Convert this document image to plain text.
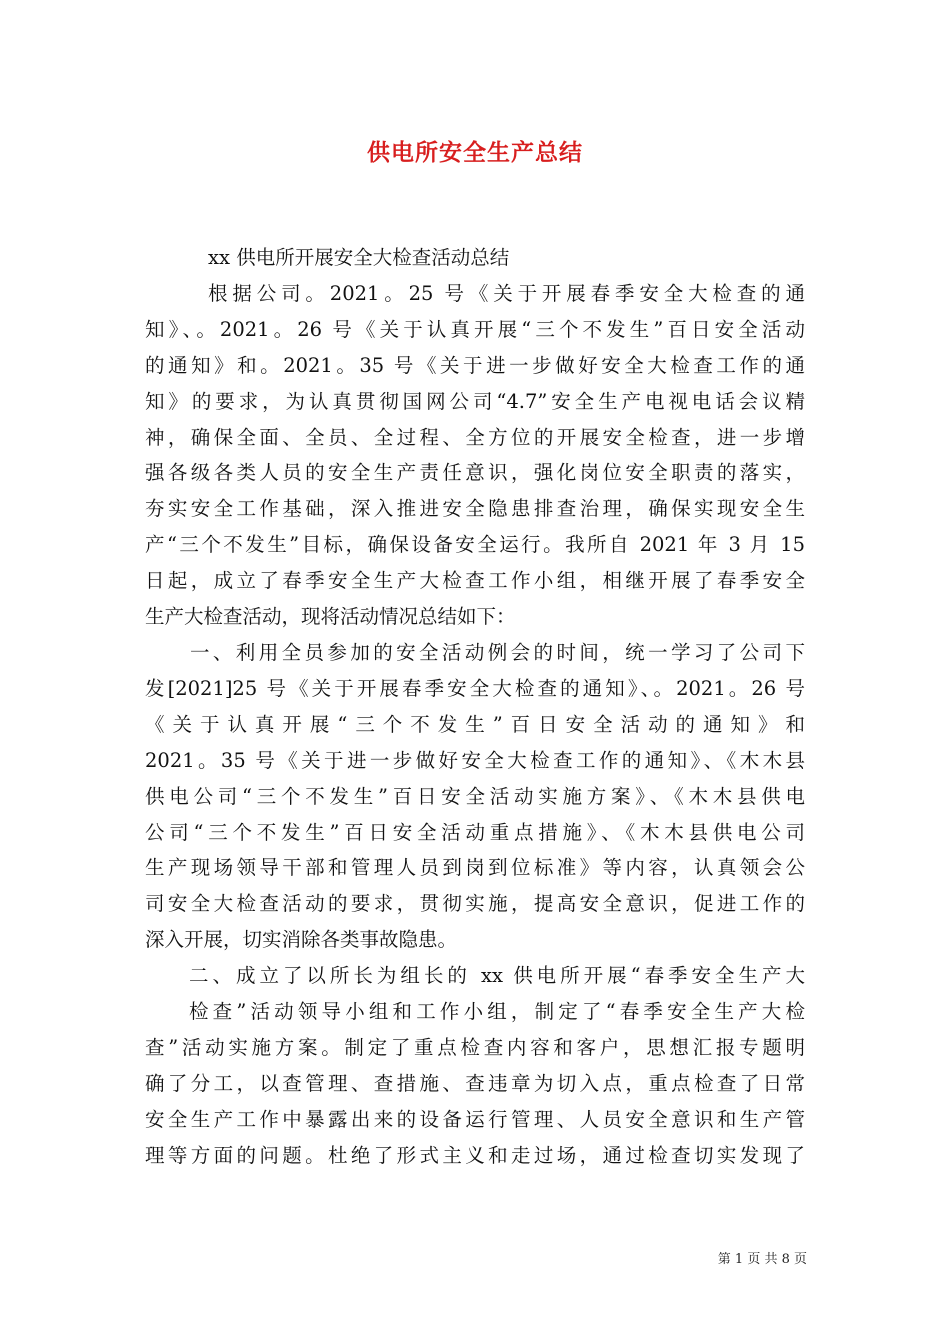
供电所安全生产总结
xx 供电所开展安全大检查活动总结
根据公司。2021。25 号《关于开展春季安全大检查的通
知》、。2021。26 号《关于认真开展“三个不发生”百日安全活动
的通知》和。2021。35 号《关于进一步做好安全大检查工作的通
知》的要求，为认真贯彻国网公司“4.7”安全生产电视电话会议精
神，确保全面、全员、全过程、全方位的开展安全检查，进一步增
强各级各类人员的安全生产责任意识，强化岗位安全职责的落实，
夯实安全工作基础，深入推进安全隐患排查治理，确保实现安全生
产“三个不发生”目标，确保设备安全运行。我所自 2021 年 3 月 15
日起，成立了春季安全生产大检查工作小组，相继开展了春季安全
生产大检查活动，现将活动情况总结如下：
一、利用全员参加的安全活动例会的时间，统一学习了公司下
发[2021]25 号《关于开展春季安全大检查的通知》、。2021。26 号
《关于认真开展“三个不发生”百日安全活动的通知》和
2021。35 号《关于进一步做好安全大检查工作的通知》、《木木县
供电公司“三个不发生”百日安全活动实施方案》、《木木县供电
公司“三个不发生”百日安全活动重点措施》、《木木县供电公司
生产现场领导干部和管理人员到岗到位标准》等内容，认真领会公
司安全大检查活动的要求，贯彻实施，提高安全意识，促进工作的
深入开展，切实消除各类事故隐患。
二、成立了以所长为组长的 xx 供电所开展“春季安全生产大
检查”活动领导小组和工作小组，制定了“春季安全生产大检
查”活动实施方案。制定了重点检查内容和客户，思想汇报专题明
确了分工，以查管理、查措施、查违章为切入点，重点检查了日常
安全生产工作中暴露出来的设备运行管理、人员安全意识和生产管
理等方面的问题。杜绝了形式主义和走过场，通过检查切实发现了
第 1 页 共 8 页
